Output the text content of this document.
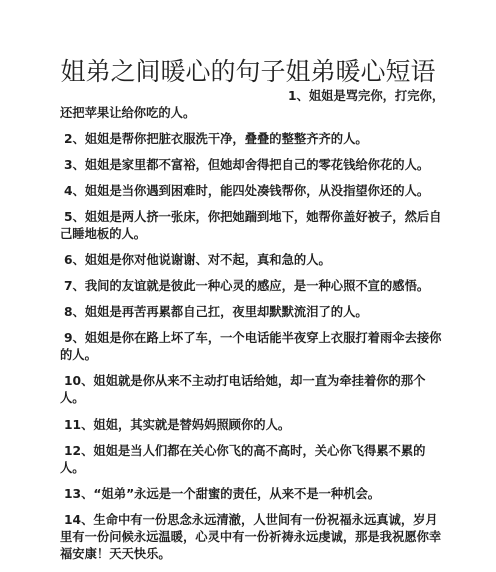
姐弟之间暖心的句子姐弟暖心短语

1、姐姐是骂完你，打完你，还把苹果让给你吃的人。

2、姐姐是帮你把脏衣服洗干净，叠叠的整整齐齐的人。

3、姐姐是家里都不富裕，但她却舍得把自己的零花钱给你花的人。

4、姐姐是当你遇到困难时，能四处凑钱帮你，从没指望你还的人。

5、姐姐是两人挤一张床，你把她踹到地下，她帮你盖好被子，然后自己睡地板的人。

6、姐姐是你对他说谢谢、对不起，真和急的人。

7、我间的友谊就是彼此一种心灵的感应，是一种心照不宣的感悟。

8、姐姐是再苦再累都自己扛，夜里却默默流泪了的人。

9、姐姐是你在路上坏了车，一个电话能半夜穿上衣服打着雨伞去接你的人。

10、姐姐就是你从来不主动打电话给她，却一直为牵挂着你的那个人。

11、姐姐，其实就是替妈妈照顾你的人。

12、姐姐是当人们都在关心你飞的高不高时，关心你飞得累不累的人。

13、“姐弟”永远是一个甜蜜的责任，从来不是一种机会。

14、生命中有一份思念永远清澈，人世间有一份祝福永远真诚，岁月里有一份问候永远温暖，心灵中有一份祈祷永远虔诚，那是我祝愿你幸福安康！天天快乐。
